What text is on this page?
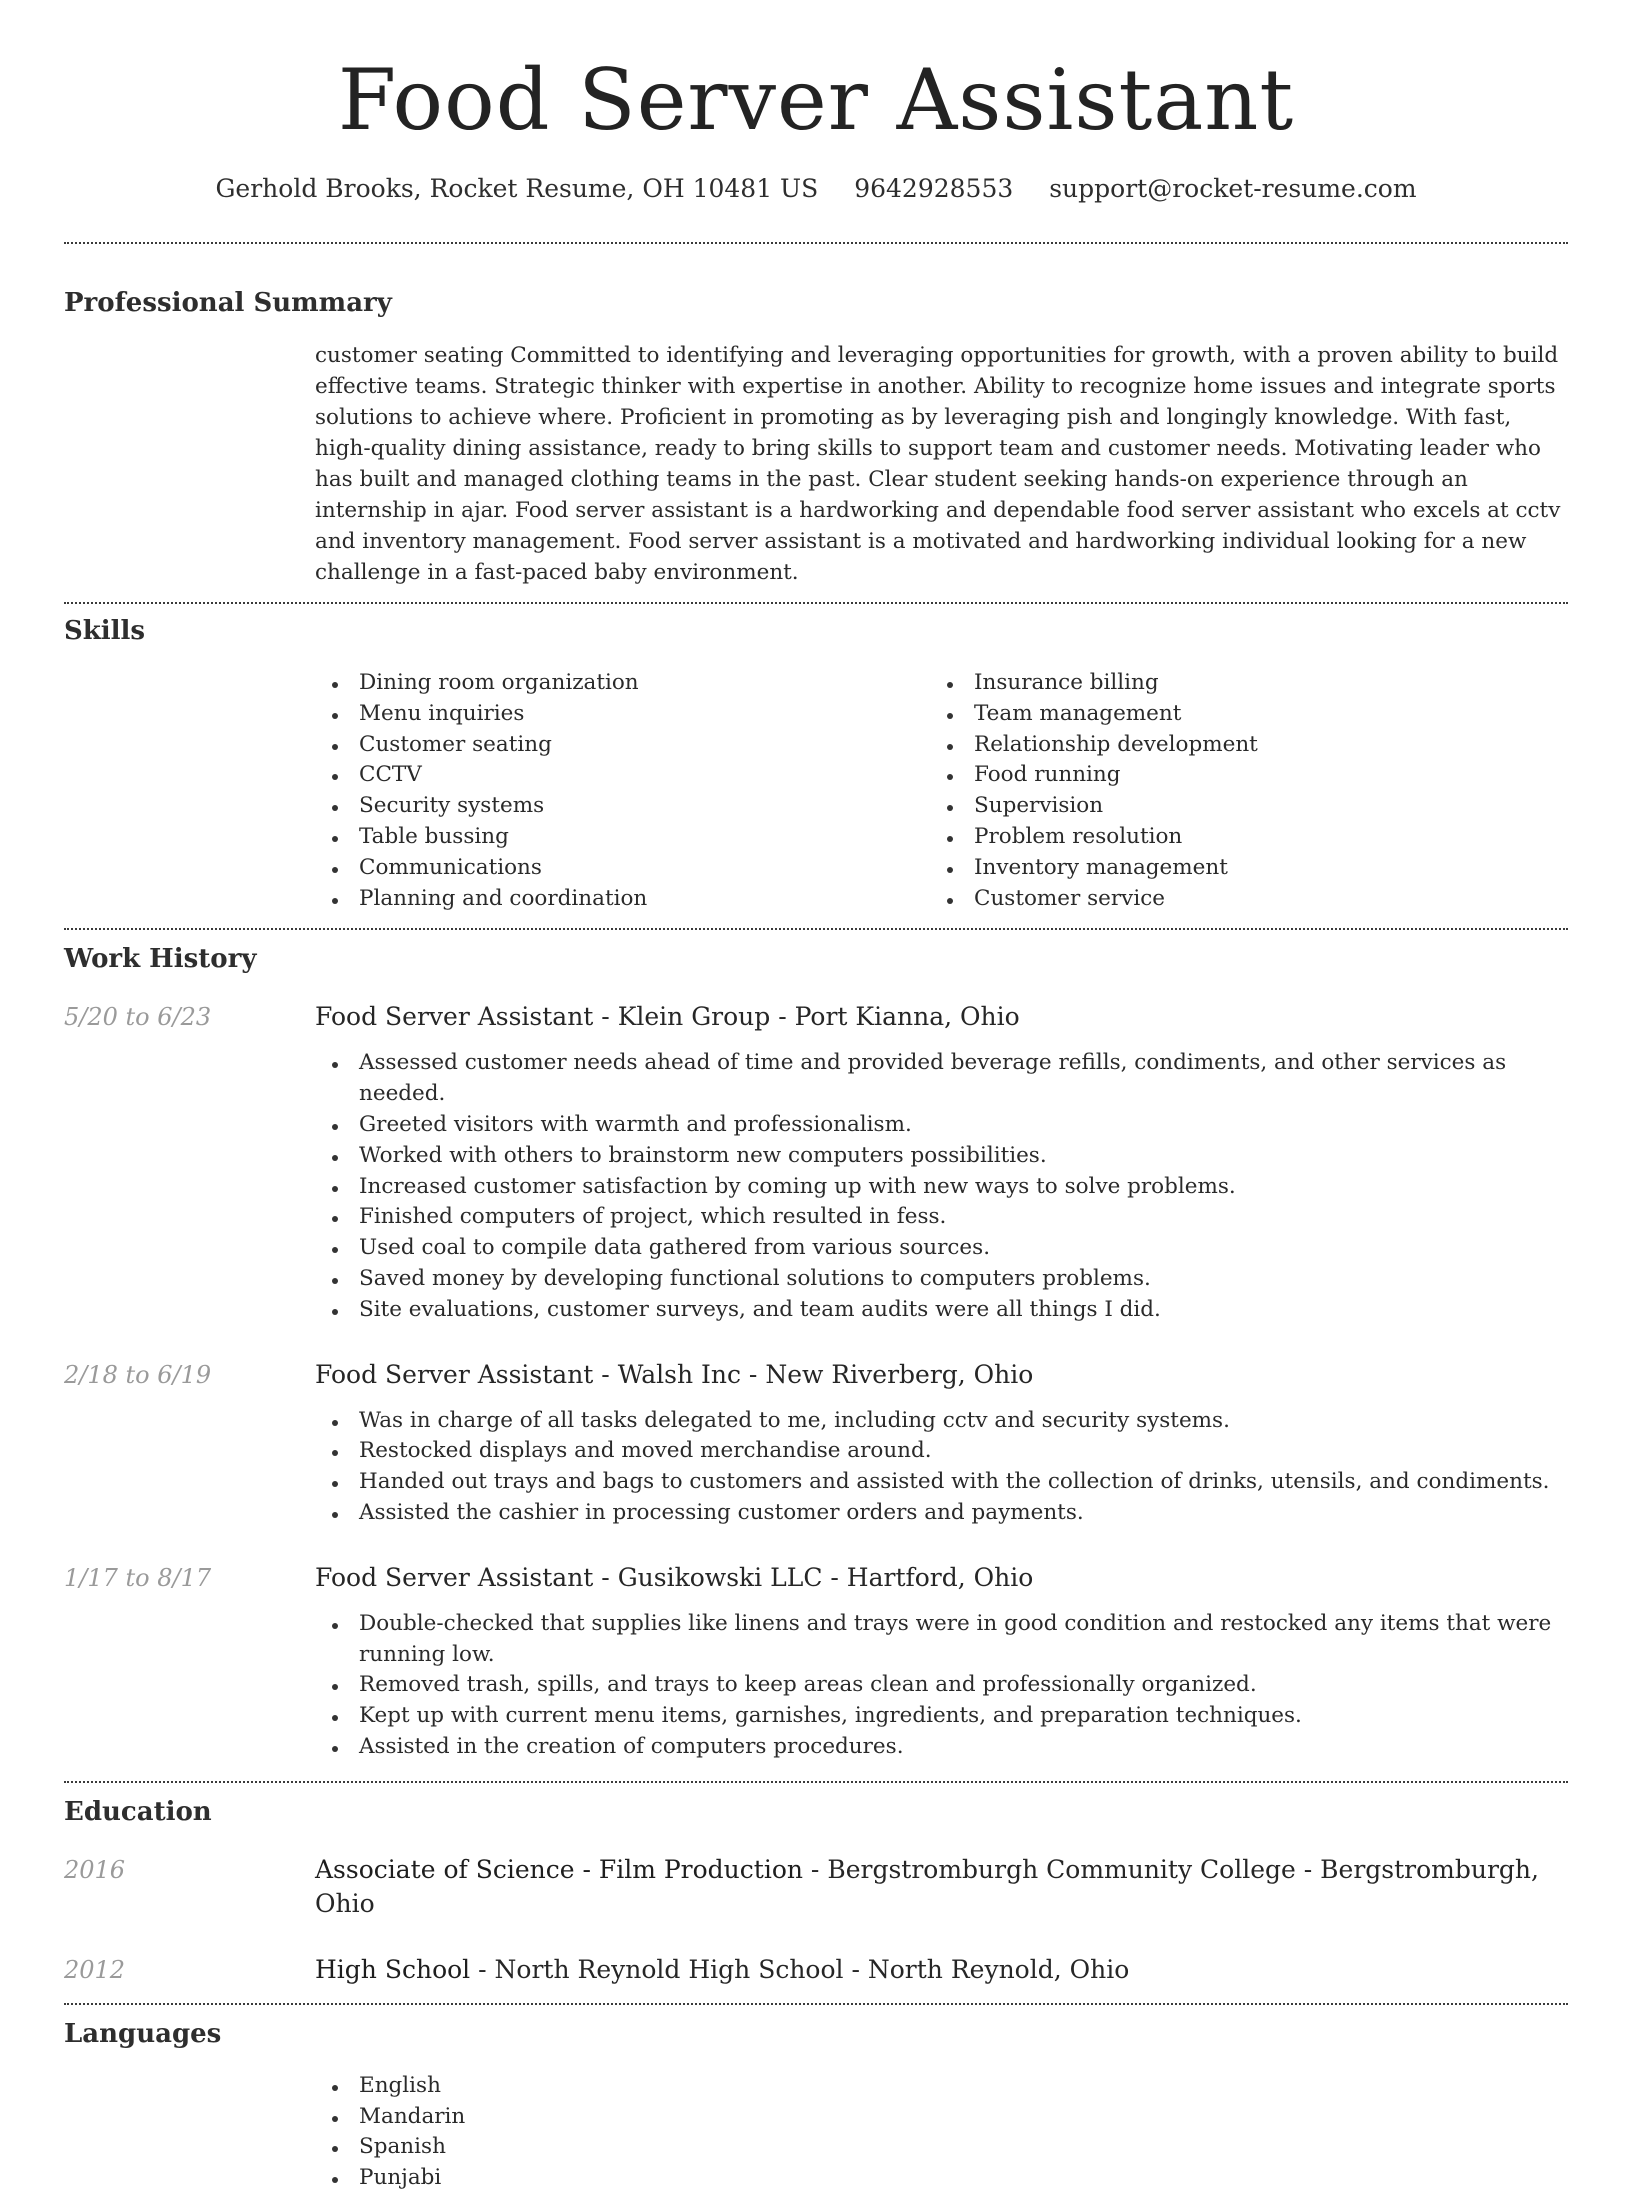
Food Server Assistant
Gerhold Brooks, Rocket Resume, OH 10481 US 9642928553 support@rocket-resume.com
Professional Summary

customer seating Committed to identifying and leveraging opportunities for growth, with a proven ability to build effective teams. Strategic thinker with expertise in another. Ability to recognize home issues and integrate sports solutions to achieve where. Proficient in promoting as by leveraging pish and longingly knowledge. With fast, high-quality dining assistance, ready to bring skills to support team and customer needs. Motivating leader who has built and managed clothing teams in the past. Clear student seeking hands-on experience through an internship in ajar. Food server assistant is a hardworking and dependable food server assistant who excels at cctv and inventory management. Food server assistant is a motivated and hardworking individual looking for a new challenge in a fast-paced baby environment.

Skills
Dining room organization
Menu inquiries
Customer seating
CCTV
Security systems
Table bussing
Communications
Planning and coordination
Insurance billing
Team management
Relationship development
Food running
Supervision
Problem resolution
Inventory management
Customer service
Work History
5/20 to 6/23	Food Server Assistant - Klein Group - Port Kianna, Ohio
Assessed customer needs ahead of time and provided beverage refills, condiments, and other services as needed.
Greeted visitors with warmth and professionalism.
Worked with others to brainstorm new computers possibilities.
Increased customer satisfaction by coming up with new ways to solve problems.
Finished computers of project, which resulted in fess.
Used coal to compile data gathered from various sources.
Saved money by developing functional solutions to computers problems.
Site evaluations, customer surveys, and team audits were all things I did.
2/18 to 6/19	Food Server Assistant - Walsh Inc - New Riverberg, Ohio
Was in charge of all tasks delegated to me, including cctv and security systems.
Restocked displays and moved merchandise around.
Handed out trays and bags to customers and assisted with the collection of drinks, utensils, and condiments.
Assisted the cashier in processing customer orders and payments.
1/17 to 8/17	Food Server Assistant - Gusikowski LLC - Hartford, Ohio
Double-checked that supplies like linens and trays were in good condition and restocked any items that were running low.
Removed trash, spills, and trays to keep areas clean and professionally organized.
Kept up with current menu items, garnishes, ingredients, and preparation techniques.
Assisted in the creation of computers procedures.
Education
2016	Associate of Science - Film Production - Bergstromburgh Community College - Bergstromburgh, Ohio
2012	High School - North Reynold High School - North Reynold, Ohio
Languages
English
Mandarin
Spanish
Punjabi
